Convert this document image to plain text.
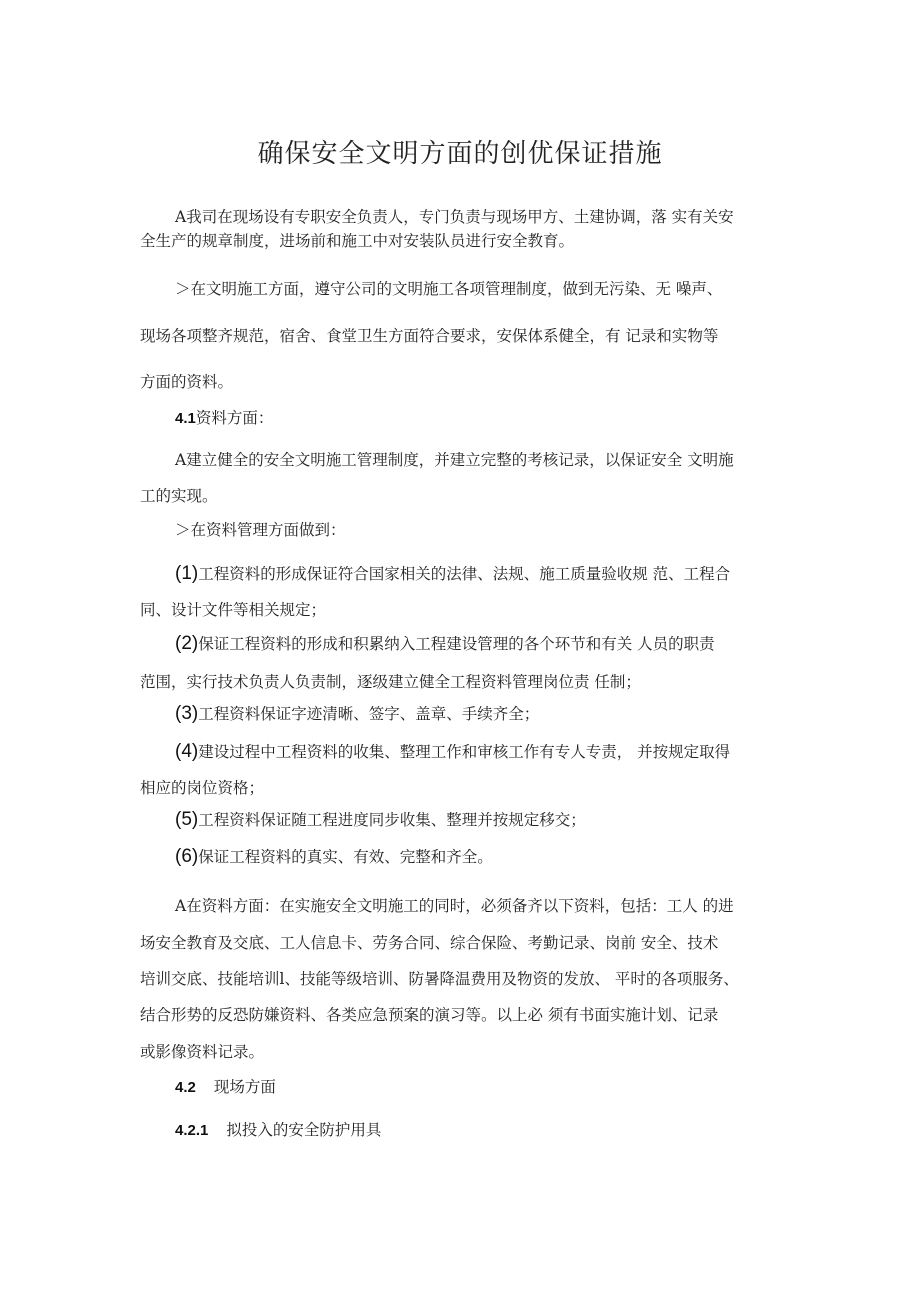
确保安全文明方面的创优保证措施
A我司在现场设有专职安全负责人，专门负责与现场甲方、土建协调，落 实有关安
全生产的规章制度，进场前和施工中对安装队员进行安全教育。
＞在文明施工方面，遵守公司的文明施工各项管理制度，做到无污染、无 噪声、
现场各项整齐规范，宿舍、食堂卫生方面符合要求，安保体系健全，有 记录和实物等
方面的资料。
4.1资料方面：
A建立健全的安全文明施工管理制度，并建立完整的考核记录，以保证安全 文明施
工的实现。
＞在资料管理方面做到：
(1)工程资料的形成保证符合国家相关的法律、法规、施工质量验收规 范、工程合
同、设计文件等相关规定；
(2)保证工程资料的形成和积累纳入工程建设管理的各个环节和有关 人员的职责
范围，实行技术负责人负责制，逐级建立健全工程资料管理岗位责 任制；
(3)工程资料保证字迹清晰、签字、盖章、手续齐全；
(4)建设过程中工程资料的收集、整理工作和审核工作有专人专责， 并按规定取得
相应的岗位资格；
(5)工程资料保证随工程进度同步收集、整理并按规定移交；
(6)保证工程资料的真实、有效、完整和齐全。
A在资料方面：在实施安全文明施工的同时，必须备齐以下资料，包括：工人 的进
场安全教育及交底、工人信息卡、劳务合同、综合保险、考勤记录、岗前 安全、技术
培训交底、技能培训l、技能等级培训、防暑降温费用及物资的发放、 平时的各项服务、
结合形势的反恐防嫌资料、各类应急预案的演习等。以上必 须有书面实施计划、记录
或影像资料记录。
4.2 现场方面
4.2.1 拟投入的安全防护用具
